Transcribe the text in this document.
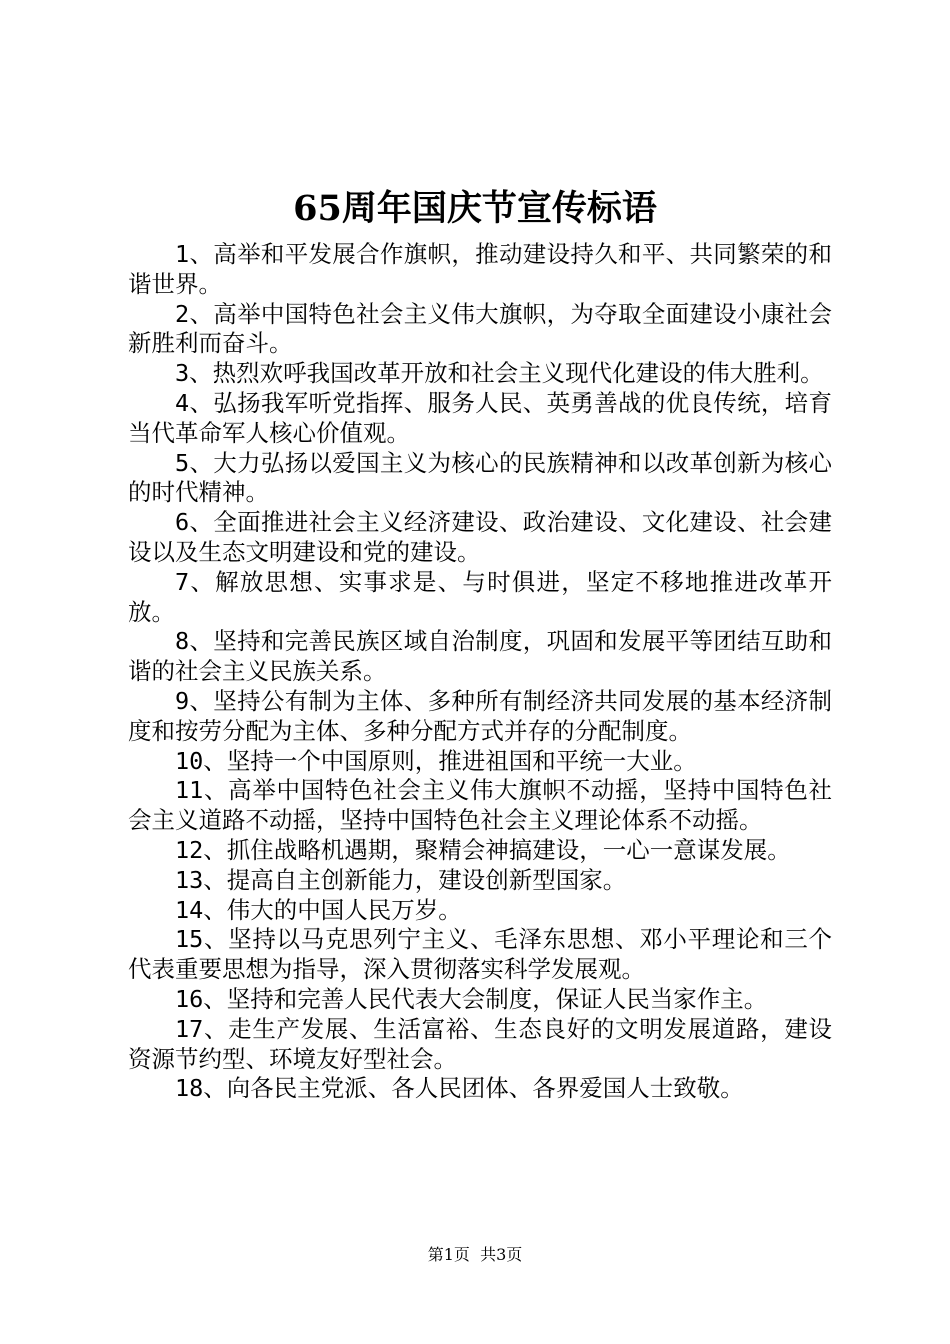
65周年国庆节宣传标语

1、高举和平发展合作旗帜，推动建设持久和平、共同繁荣的和谐世界。

2、高举中国特色社会主义伟大旗帜，为夺取全面建设小康社会新胜利而奋斗。

3、热烈欢呼我国改革开放和社会主义现代化建设的伟大胜利。

4、弘扬我军听党指挥、服务人民、英勇善战的优良传统，培育当代革命军人核心价值观。

5、大力弘扬以爱国主义为核心的民族精神和以改革创新为核心的时代精神。

6、全面推进社会主义经济建设、政治建设、文化建设、社会建设以及生态文明建设和党的建设。

7、解放思想、实事求是、与时俱进，坚定不移地推进改革开放。

8、坚持和完善民族区域自治制度，巩固和发展平等团结互助和谐的社会主义民族关系。

9、坚持公有制为主体、多种所有制经济共同发展的基本经济制度和按劳分配为主体、多种分配方式并存的分配制度。

10、坚持一个中国原则，推进祖国和平统一大业。

11、高举中国特色社会主义伟大旗帜不动摇，坚持中国特色社会主义道路不动摇，坚持中国特色社会主义理论体系不动摇。

12、抓住战略机遇期，聚精会神搞建设，一心一意谋发展。

13、提高自主创新能力，建设创新型国家。

14、伟大的中国人民万岁。

15、坚持以马克思列宁主义、毛泽东思想、邓小平理论和三个代表重要思想为指导，深入贯彻落实科学发展观。

16、坚持和完善人民代表大会制度，保证人民当家作主。

17、走生产发展、生活富裕、生态良好的文明发展道路，建设资源节约型、环境友好型社会。

18、向各民主党派、各人民团体、各界爱国人士致敬。

第1页  共3页
